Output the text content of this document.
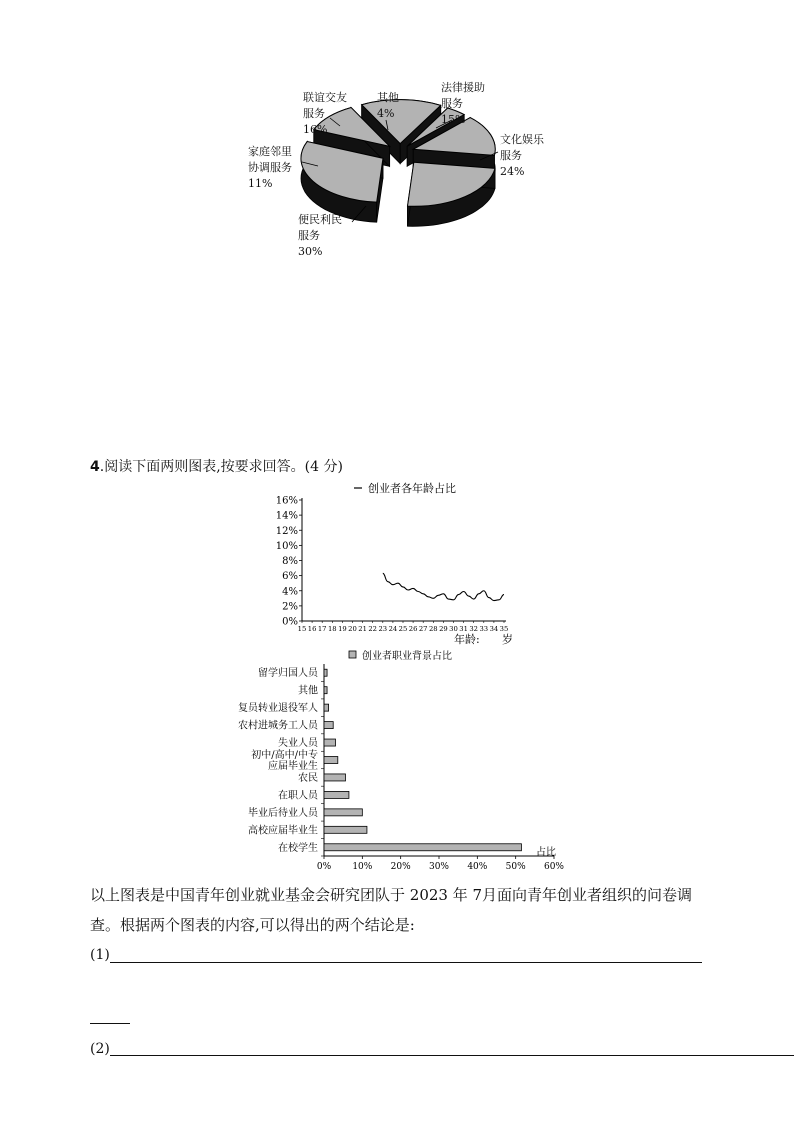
联谊交友
服务
16%
其他
4%
法律援助
服务
15%
文化娱乐
服务
24%
便民利民
服务
30%
家庭邻里
协调服务
11%
4.阅读下面两则图表,按要求回答。(4 分)
0%
2%
4%
6%
8%
10%
12%
14%
16%
15 16 17 18 19 20 21 22 23 24 25 26 27 28 29 30 31 32 33 34 35
年龄: 岁
创业者各年龄占比
创业者职业背景占比
0% 10% 20% 30% 40% 50% 60%
占比
留学归国人员
其他
复员转业退役军人
农村进城务工人员
失业人员
初中/高中/中专
应届毕业生
农民
在职人员
毕业后待业人员
高校应届毕业生
在校学生
以上图表是中国青年创业就业基金会研究团队于 2023 年 7月面向青年创业者组织的问卷调查。根据两个图表的内容,可以得出的两个结论是:
(1)
(2)
